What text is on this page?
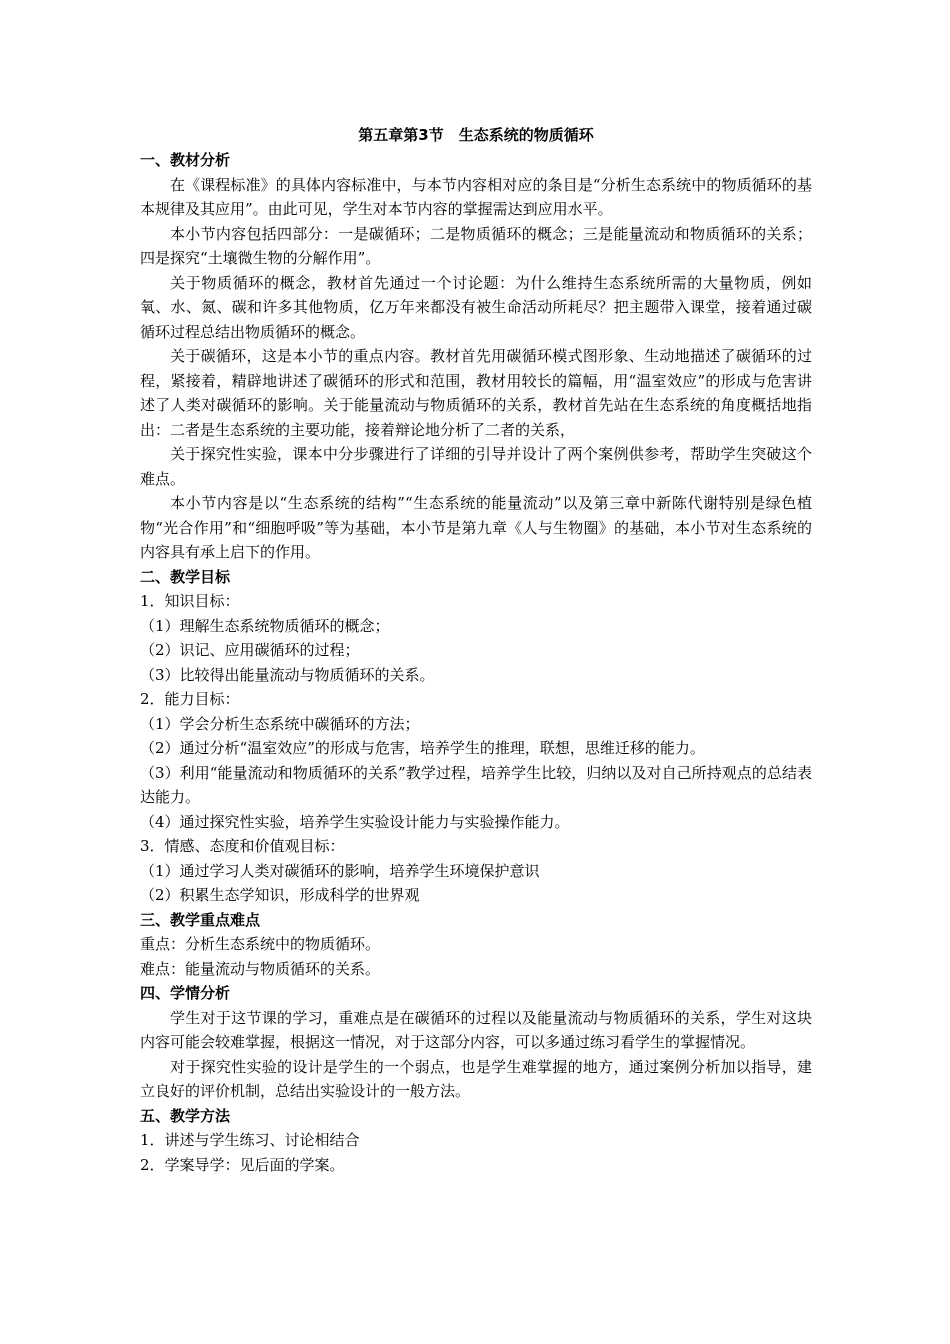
第五章第3节　生态系统的物质循环

一、教材分析

在《课程标准》的具体内容标准中，与本节内容相对应的条目是“分析生态系统中的物质循环的基本规律及其应用”。由此可见，学生对本节内容的掌握需达到应用水平。

本小节内容包括四部分：一是碳循环；二是物质循环的概念；三是能量流动和物质循环的关系；四是探究“土壤微生物的分解作用”。

关于物质循环的概念，教材首先通过一个讨论题：为什么维持生态系统所需的大量物质，例如氧、水、氮、碳和许多其他物质，亿万年来都没有被生命活动所耗尽？把主题带入课堂，接着通过碳循环过程总结出物质循环的概念。

关于碳循环，这是本小节的重点内容。教材首先用碳循环模式图形象、生动地描述了碳循环的过程，紧接着，精辟地讲述了碳循环的形式和范围，教材用较长的篇幅，用“温室效应”的形成与危害讲述了人类对碳循环的影响。关于能量流动与物质循环的关系，教材首先站在生态系统的角度概括地指出：二者是生态系统的主要功能，接着辩论地分析了二者的关系，

关于探究性实验，课本中分步骤进行了详细的引导并设计了两个案例供参考，帮助学生突破这个难点。

本小节内容是以“生态系统的结构”“生态系统的能量流动”以及第三章中新陈代谢特别是绿色植物“光合作用”和“细胞呼吸”等为基础，本小节是第九章《人与生物圈》的基础，本小节对生态系统的内容具有承上启下的作用。

二、教学目标

1．知识目标：

（1）理解生态系统物质循环的概念；

（2）识记、应用碳循环的过程；

（3）比较得出能量流动与物质循环的关系。

2．能力目标：

（1）学会分析生态系统中碳循环的方法；

（2）通过分析“温室效应”的形成与危害，培养学生的推理，联想，思维迁移的能力。

（3）利用“能量流动和物质循环的关系”教学过程，培养学生比较，归纳以及对自己所持观点的总结表达能力。

（4）通过探究性实验，培养学生实验设计能力与实验操作能力。

3．情感、态度和价值观目标：

（1）通过学习人类对碳循环的影响，培养学生环境保护意识

（2）积累生态学知识，形成科学的世界观

三、教学重点难点

重点：分析生态系统中的物质循环。

难点：能量流动与物质循环的关系。

四、学情分析

学生对于这节课的学习，重难点是在碳循环的过程以及能量流动与物质循环的关系，学生对这块内容可能会较难掌握，根据这一情况，对于这部分内容，可以多通过练习看学生的掌握情况。

对于探究性实验的设计是学生的一个弱点，也是学生难掌握的地方，通过案例分析加以指导，建立良好的评价机制，总结出实验设计的一般方法。

五、教学方法

1．讲述与学生练习、讨论相结合

2．学案导学：见后面的学案。
